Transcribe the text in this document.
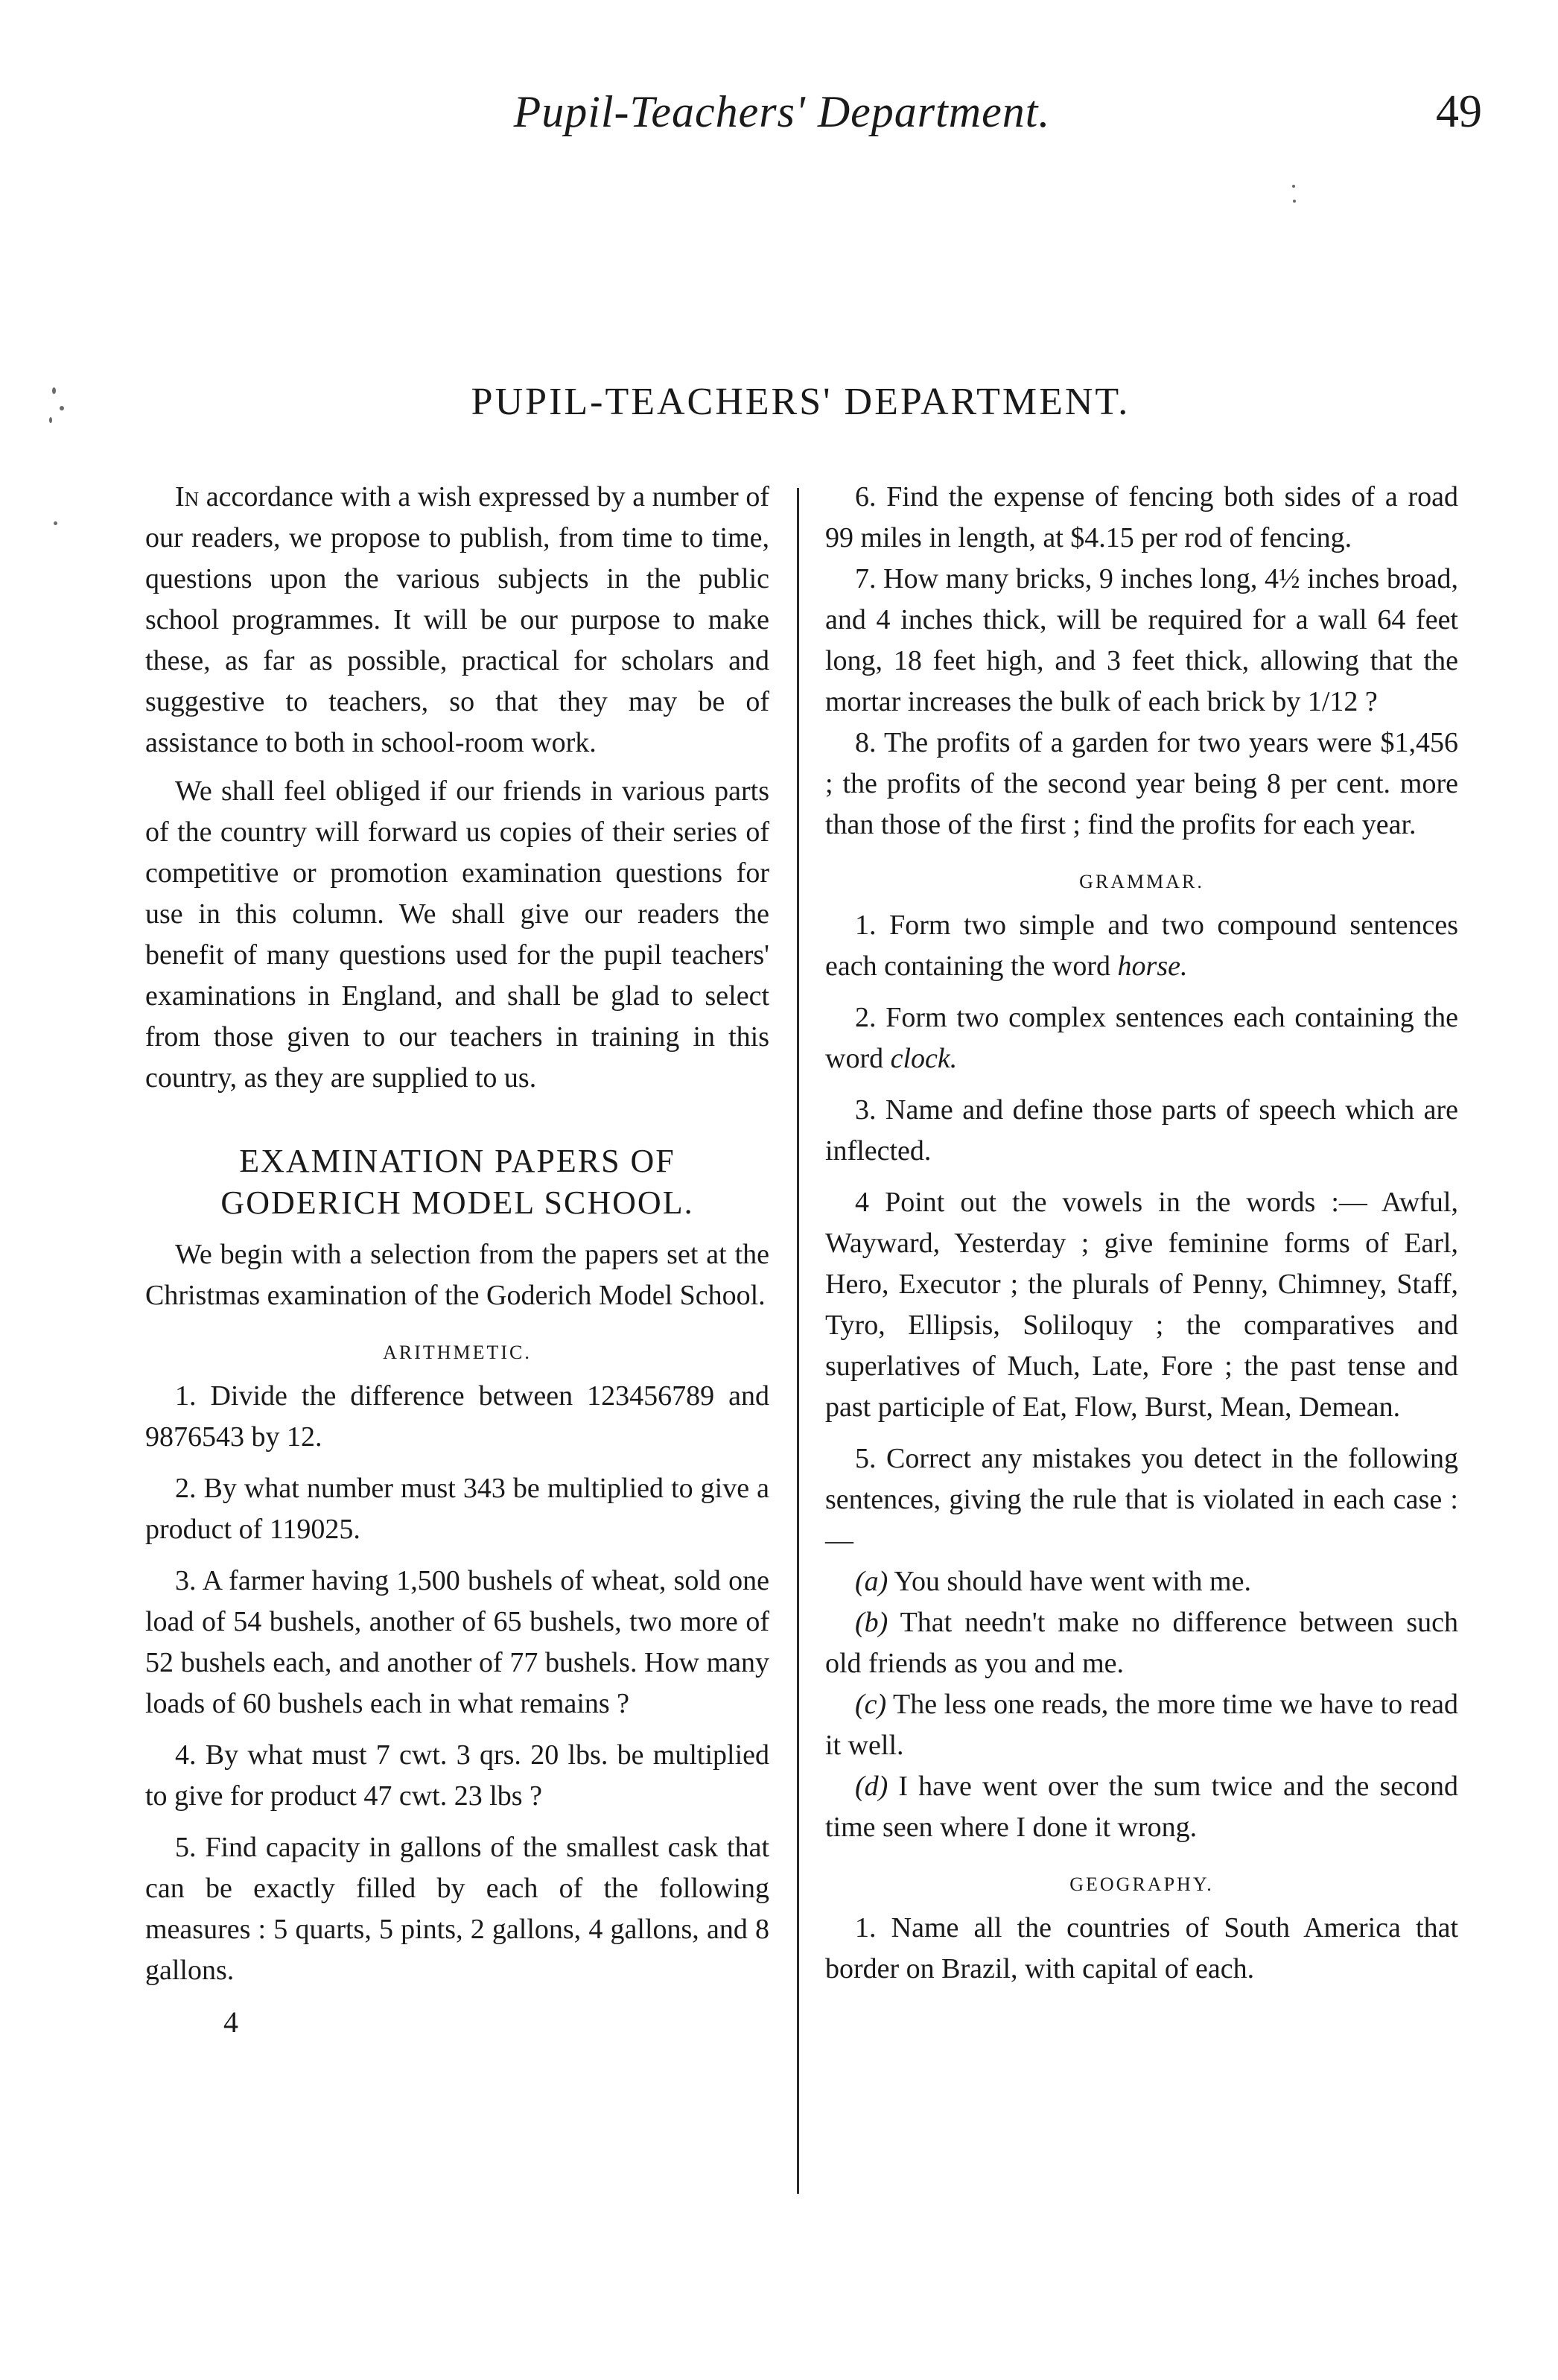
Pupil-Teachers' Department.	49
PUPIL-TEACHERS' DEPARTMENT.

In accordance with a wish expressed by a number of our readers, we propose to publish, from time to time, questions upon the various subjects in the public school programmes. It will be our purpose to make these, as far as possible, practical for scholars and suggestive to teachers, so that they may be of assistance to both in school-room work.

We shall feel obliged if our friends in various parts of the country will forward us copies of their series of competitive or promotion examination questions for use in this column. We shall give our readers the benefit of many questions used for the pupil teachers' examinations in England, and shall be glad to select from those given to our teachers in training in this country, as they are supplied to us.

EXAMINATION PAPERS OF GODERICH MODEL SCHOOL.

We begin with a selection from the papers set at the Christmas examination of the Goderich Model School.

ARITHMETIC.

1. Divide the difference between 123456789 and 9876543 by 12.

2. By what number must 343 be multiplied to give a product of 119025.

3. A farmer having 1,500 bushels of wheat, sold one load of 54 bushels, another of 65 bushels, two more of 52 bushels each, and another of 77 bushels. How many loads of 60 bushels each in what remains ?

4. By what must 7 cwt. 3 qrs. 20 lbs. be multiplied to give for product 47 cwt. 23 lbs ?

5. Find capacity in gallons of the smallest cask that can be exactly filled by each of the following measures : 5 quarts, 5 pints, 2 gallons, 4 gallons, and 8 gallons.

4

6. Find the expense of fencing both sides of a road 99 miles in length, at $4.15 per rod of fencing.

7. How many bricks, 9 inches long, 4½ inches broad, and 4 inches thick, will be required for a wall 64 feet long, 18 feet high, and 3 feet thick, allowing that the mortar increases the bulk of each brick by 1/12 ?

8. The profits of a garden for two years were $1,456 ; the profits of the second year being 8 per cent. more than those of the first ; find the profits for each year.

GRAMMAR.

1. Form two simple and two compound sentences each containing the word horse.

2. Form two complex sentences each containing the word clock.

3. Name and define those parts of speech which are inflected.

4 Point out the vowels in the words :— Awful, Wayward, Yesterday ; give feminine forms of Earl, Hero, Executor ; the plurals of Penny, Chimney, Staff, Tyro, Ellipsis, Soliloquy ; the comparatives and superlatives of Much, Late, Fore ; the past tense and past participle of Eat, Flow, Burst, Mean, Demean.

5. Correct any mistakes you detect in the following sentences, giving the rule that is violated in each case :—

(a) You should have went with me.

(b) That needn't make no difference between such old friends as you and me.

(c) The less one reads, the more time we have to read it well.

(d) I have went over the sum twice and the second time seen where I done it wrong.

GEOGRAPHY.

1. Name all the countries of South America that border on Brazil, with capital of each.
